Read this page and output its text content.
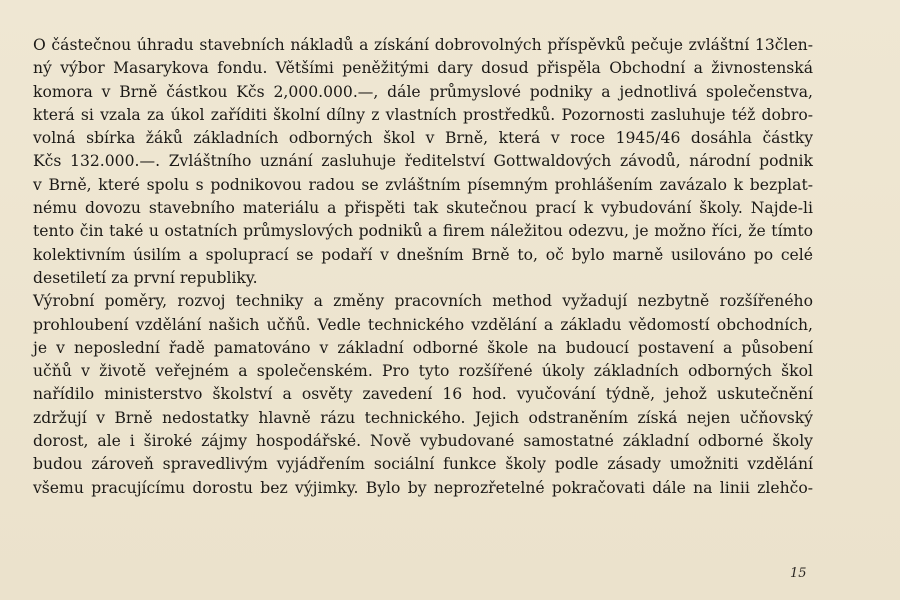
O částečnou úhradu stavebních nákladů a získání dobrovolných příspěvků pečuje zvláštní 13člen-
ný výbor Masarykova fondu. Většími peněžitými dary dosud přispěla Obchodní a živnostenská
komora v Brně částkou Kčs 2,000.000.—, dále průmyslové podniky a jednotlivá společenstva,
která si vzala za úkol zaříditi školní dílny z vlastních prostředků. Pozornosti zasluhuje též dobro-
volná sbírka žáků základních odborných škol v Brně, která v roce 1945/46 dosáhla částky
Kčs 132.000.—. Zvláštního uznání zasluhuje ředitelství Gottwaldových závodů, národní podnik
v Brně, které spolu s podnikovou radou se zvláštním písemným prohlášením zavázalo k bezplat-
nému dovozu stavebního materiálu a přispěti tak skutečnou prací k vybudování školy. Najde-li
tento čin také u ostatních průmyslových podniků a firem náležitou odezvu, je možno říci, že tímto
kolektivním úsilím a spoluprací se podaří v dnešním Brně to, oč bylo marně usilováno po celé
desetiletí za první republiky.
Výrobní poměry, rozvoj techniky a změny pracovních method vyžadují nezbytně rozšířeného
prohloubení vzdělání našich učňů. Vedle technického vzdělání a základu vědomostí obchodních,
je v neposlední řadě pamatováno v základní odborné škole na budoucí postavení a působení
učňů v životě veřejném a společenském. Pro tyto rozšířené úkoly základních odborných škol
nařídilo ministerstvo školství a osvěty zavedení 16 hod. vyučování týdně, jehož uskutečnění
zdržují v Brně nedostatky hlavně rázu technického. Jejich odstraněním získá nejen učňovský
dorost, ale i široké zájmy hospodářské. Nově vybudované samostatné základní odborné školy
budou zároveň spravedlivým vyjádřením sociální funkce školy podle zásady umožniti vzdělání
všemu pracujícímu dorostu bez výjimky. Bylo by neprozřetelné pokračovati dále na linii zlehčo-
15
